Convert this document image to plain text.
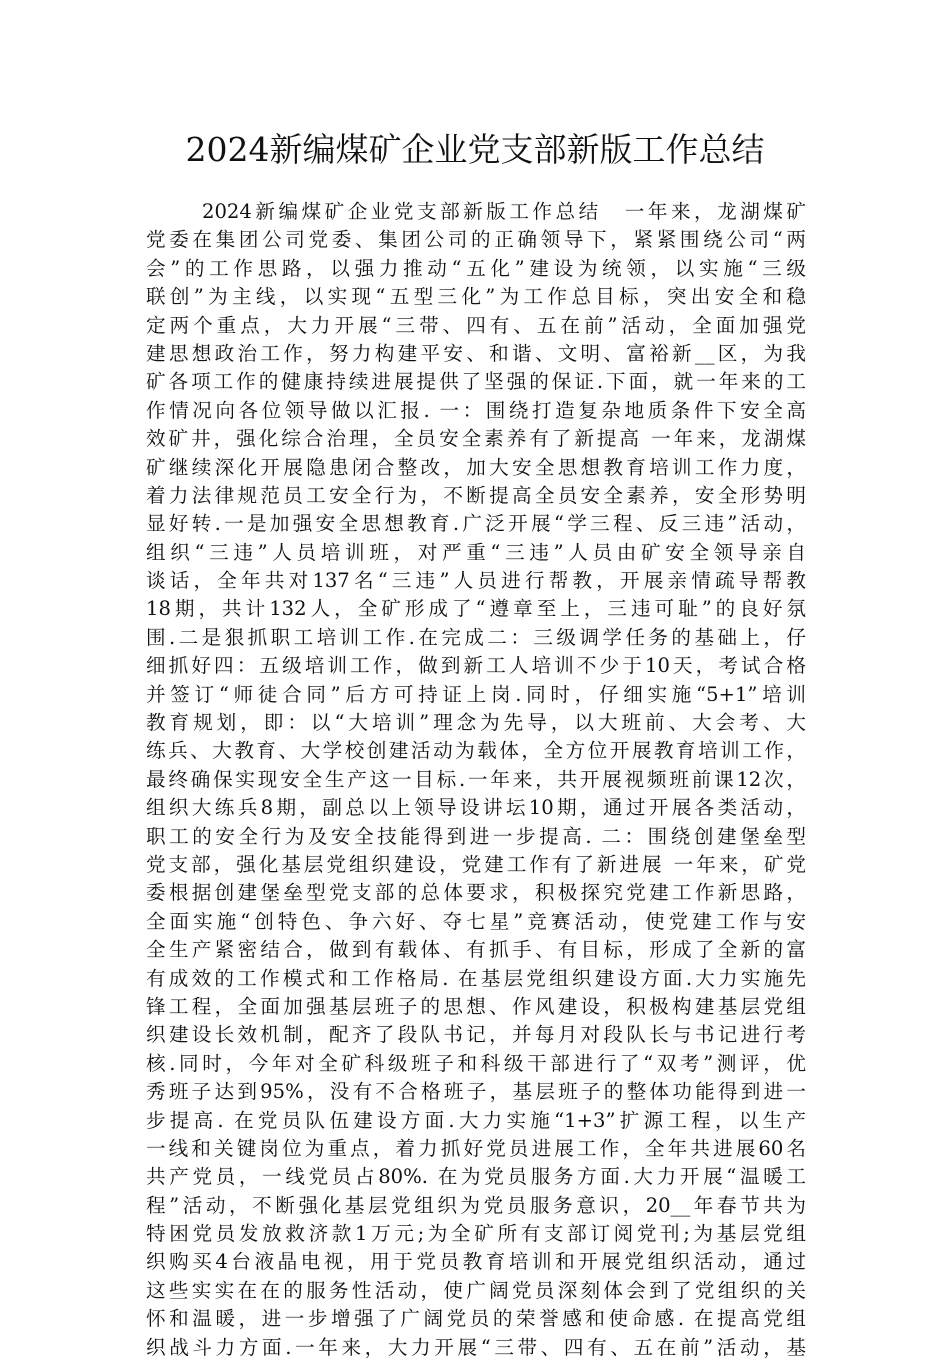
2024新编煤矿企业党支部新版工作总结
2024新编煤矿企业党支部新版工作总结　一年来，龙湖煤矿
党委在集团公司党委、集团公司的正确领导下，紧紧围绕公司“两
会”的工作思路，以强力推动“五化”建设为统领，以实施“三级
联创”为主线，以实现“五型三化”为工作总目标，突出安全和稳
定两个重点，大力开展“三带、四有、五在前”活动，全面加强党
建思想政治工作，努力构建平安、和谐、文明、富裕新__区，为我
矿各项工作的健康持续进展提供了坚强的保证.下面，就一年来的工
作情况向各位领导做以汇报. 一：围绕打造复杂地质条件下安全高
效矿井，强化综合治理，全员安全素养有了新提高 一年来，龙湖煤
矿继续深化开展隐患闭合整改，加大安全思想教育培训工作力度，
着力法律规范员工安全行为，不断提高全员安全素养，安全形势明
显好转.一是加强安全思想教育.广泛开展“学三程、反三违”活动，
组织“三违”人员培训班，对严重“三违”人员由矿安全领导亲自
谈话，全年共对137名“三违”人员进行帮教，开展亲情疏导帮教
18期，共计132人，全矿形成了“遵章至上，三违可耻”的良好氛
围.二是狠抓职工培训工作.在完成二：三级调学任务的基础上，仔
细抓好四：五级培训工作，做到新工人培训不少于10天，考试合格
并签订“师徒合同”后方可持证上岗.同时，仔细实施“5+1”培训
教育规划，即：以“大培训”理念为先导，以大班前、大会考、大
练兵、大教育、大学校创建活动为载体，全方位开展教育培训工作，
最终确保实现安全生产这一目标.一年来，共开展视频班前课12次，
组织大练兵8期，副总以上领导设讲坛10期，通过开展各类活动，
职工的安全行为及安全技能得到进一步提高. 二：围绕创建堡垒型
党支部，强化基层党组织建设，党建工作有了新进展 一年来，矿党
委根据创建堡垒型党支部的总体要求，积极探究党建工作新思路，
全面实施“创特色、争六好、夺七星”竞赛活动，使党建工作与安
全生产紧密结合，做到有载体、有抓手、有目标，形成了全新的富
有成效的工作模式和工作格局. 在基层党组织建设方面.大力实施先
锋工程，全面加强基层班子的思想、作风建设，积极构建基层党组
织建设长效机制，配齐了段队书记，并每月对段队长与书记进行考
核.同时，今年对全矿科级班子和科级干部进行了“双考”测评，优
秀班子达到95%，没有不合格班子，基层班子的整体功能得到进一
步提高. 在党员队伍建设方面.大力实施“1+3”扩源工程，以生产
一线和关键岗位为重点，着力抓好党员进展工作，全年共进展60名
共产党员，一线党员占80%. 在为党员服务方面.大力开展“温暖工
程”活动，不断强化基层党组织为党员服务意识，20__年春节共为
特困党员发放救济款1万元;为全矿所有支部订阅党刊;为基层党组
织购买4台液晶电视，用于党员教育培训和开展党组织活动，通过
这些实实在在的服务性活动，使广阔党员深刻体会到了党组织的关
怀和温暖，进一步增强了广阔党员的荣誉感和使命感. 在提高党组
织战斗力方面.一年来，大力开展“三带、四有、五在前”活动，基
